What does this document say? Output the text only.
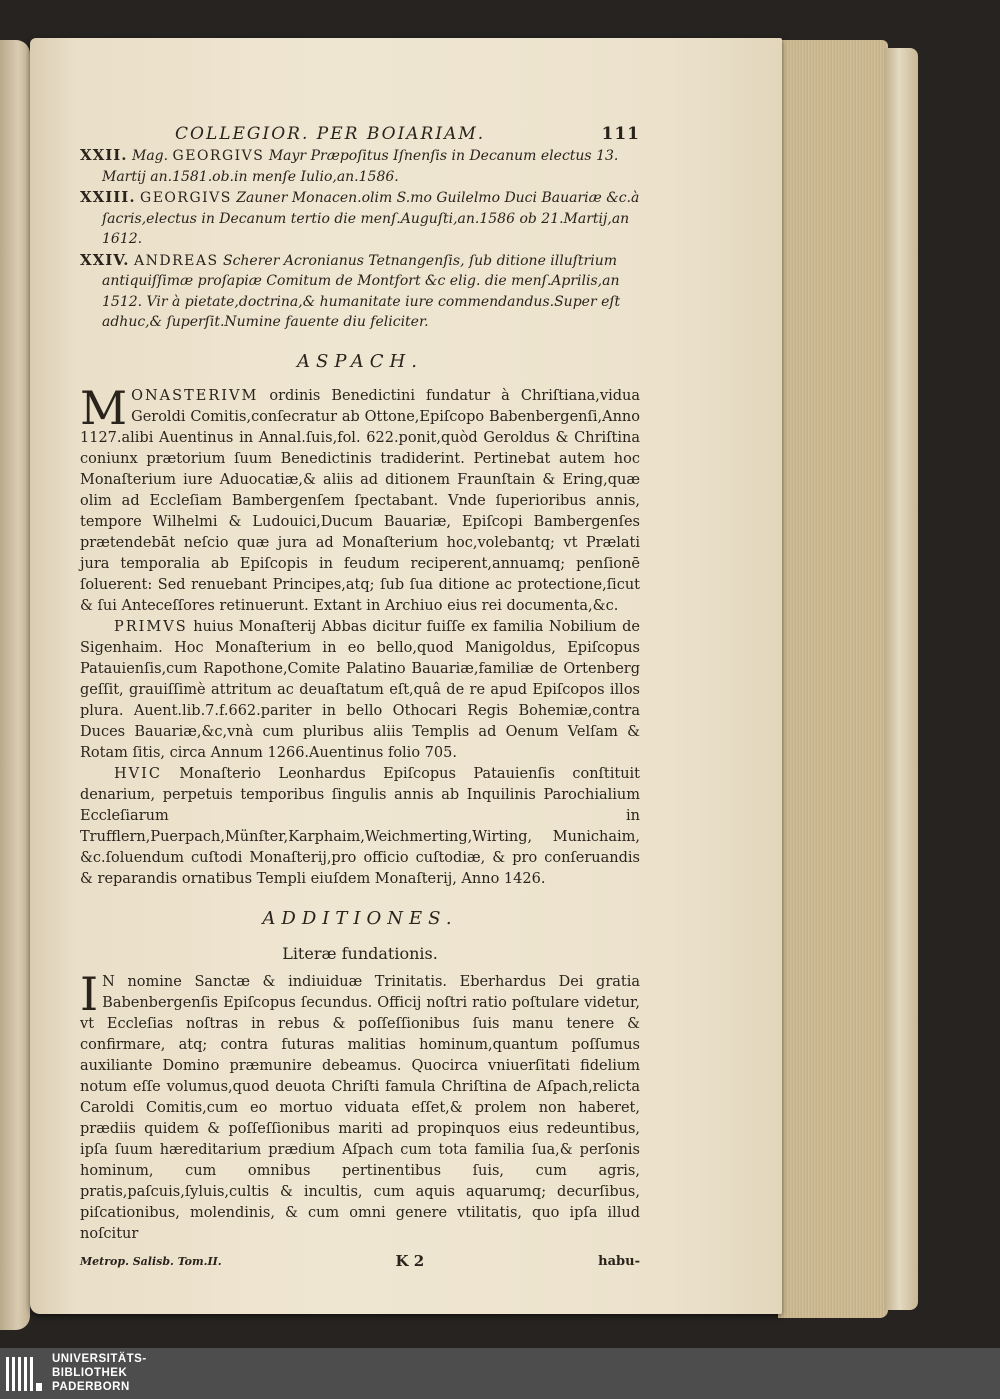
COLLEGIOR. PER BOIARIAM.	111

XXII. Mag. GEORGIVS Mayr Præpoſitus Iſnenſis in Decanum electus 13. Martij an.1581.ob.in menſe Iulio,an.1586.

XXIII. GEORGIVS Zauner Monacen.olim S.mo Guilelmo Duci Bauariæ &c.à ſacris,electus in Decanum tertio die menſ.Auguſti,an.1586 ob 21.Martij,an 1612.

XXIV. ANDREAS Scherer Acronianus Tetnangenſis, ſub ditione illuſtrium antiquiſſimæ proſapiæ Comitum de Montfort &c elig. die menſ.Aprilis,an 1512. Vir à pietate,doctrina,& humanitate iure commendandus.Super eſt adhuc,& ſuperſit.Numine fauente diu feliciter.

ASPACH.

MONASTERIVM ordinis Benedictini fundatur à Chriſtiana,vidua Geroldi Comitis,conſecratur ab Ottone,Epiſcopo Babenbergenſi,Anno 1127.alibi Auentinus in Annal.ſuis,fol. 622.ponit,quòd Geroldus & Chriſtina coniunx prætorium ſuum Benedictinis tradiderint. Pertinebat autem hoc Monaſterium iure Aduocatiæ,& aliis ad ditionem Fraunſtain & Ering,quæ olim ad Eccleſiam Bambergenſem ſpectabant. Vnde ſuperioribus annis, tempore Wilhelmi & Ludouici,Ducum Bauariæ, Epiſcopi Bambergenſes prætendebāt neſcio quæ jura ad Monaſterium hoc,volebantq; vt Prælati jura temporalia ab Epiſcopis in feudum reciperent,annuamq; penſionē ſoluerent: Sed renuebant Principes,atq; ſub ſua ditione ac protectione,ſicut & ſui Anteceſſores retinuerunt. Extant in Archiuo eius rei documenta,&c.

PRIMVS huius Monaſterij Abbas dicitur fuiſſe ex familia Nobilium de Sigenhaim. Hoc Monaſterium in eo bello,quod Manigoldus, Epiſcopus Patauienſis,cum Rapothone,Comite Palatino Bauariæ,familiæ de Ortenberg geſſit, grauiſſimè attritum ac deuaſtatum eſt,quâ de re apud Epiſcopos illos plura. Auent.lib.7.f.662.pariter in bello Othocari Regis Bohemiæ,contra Duces Bauariæ,&c,vnà cum pluribus aliis Templis ad Oenum Velſam & Rotam ſitis, circa Annum 1266.Auentinus folio 705.

HVIC Monaſterio Leonhardus Epiſcopus Patauienſis conſtituit denarium, perpetuis temporibus ſingulis annis ab Inquilinis Parochialium Eccleſiarum in Trufflern,Puerpach,Münſter,Karphaim,Weichmerting,Wirting, Munichaim, &c.ſoluendum cuſtodi Monaſterij,pro officio cuſtodiæ, & pro conſeruandis & reparandis ornatibus Templi eiuſdem Monaſterij, Anno 1426.

ADDITIONES.
Literæ fundationis.

I N nomine Sanctæ & indiuiduæ Trinitatis. Eberhardus Dei gratia Babenbergenſis Epiſcopus ſecundus. Officij noſtri ratio poſtulare videtur, vt Eccleſias noſtras in rebus & poſſeſſionibus ſuis manu tenere & confirmare, atq; contra futuras malitias hominum,quantum poſſumus auxiliante Domino præmunire debeamus. Quocirca vniuerſitati fidelium notum eſſe volumus,quod deuota Chriſti famula Chriſtina de Aſpach,relicta Caroldi Comitis,cum eo mortuo viduata eſſet,& prolem non haberet, prædiis quidem & poſſeſſionibus mariti ad propinquos eius redeuntibus, ipſa ſuum hæreditarium prædium Aſpach cum tota familia ſua,& perſonis hominum, cum omnibus pertinentibus ſuis, cum agris, pratis,paſcuis,ſyluis,cultis & incultis, cum aquis aquarumq; decurſibus, piſcationibus, molendinis, & cum omni genere vtilitatis, quo ipſa illud noſcitur

Metrop. Salisb. Tom.II.	K 2	habu-
UNIVERSITÄTS-
BIBLIOTHEK
PADERBORN
